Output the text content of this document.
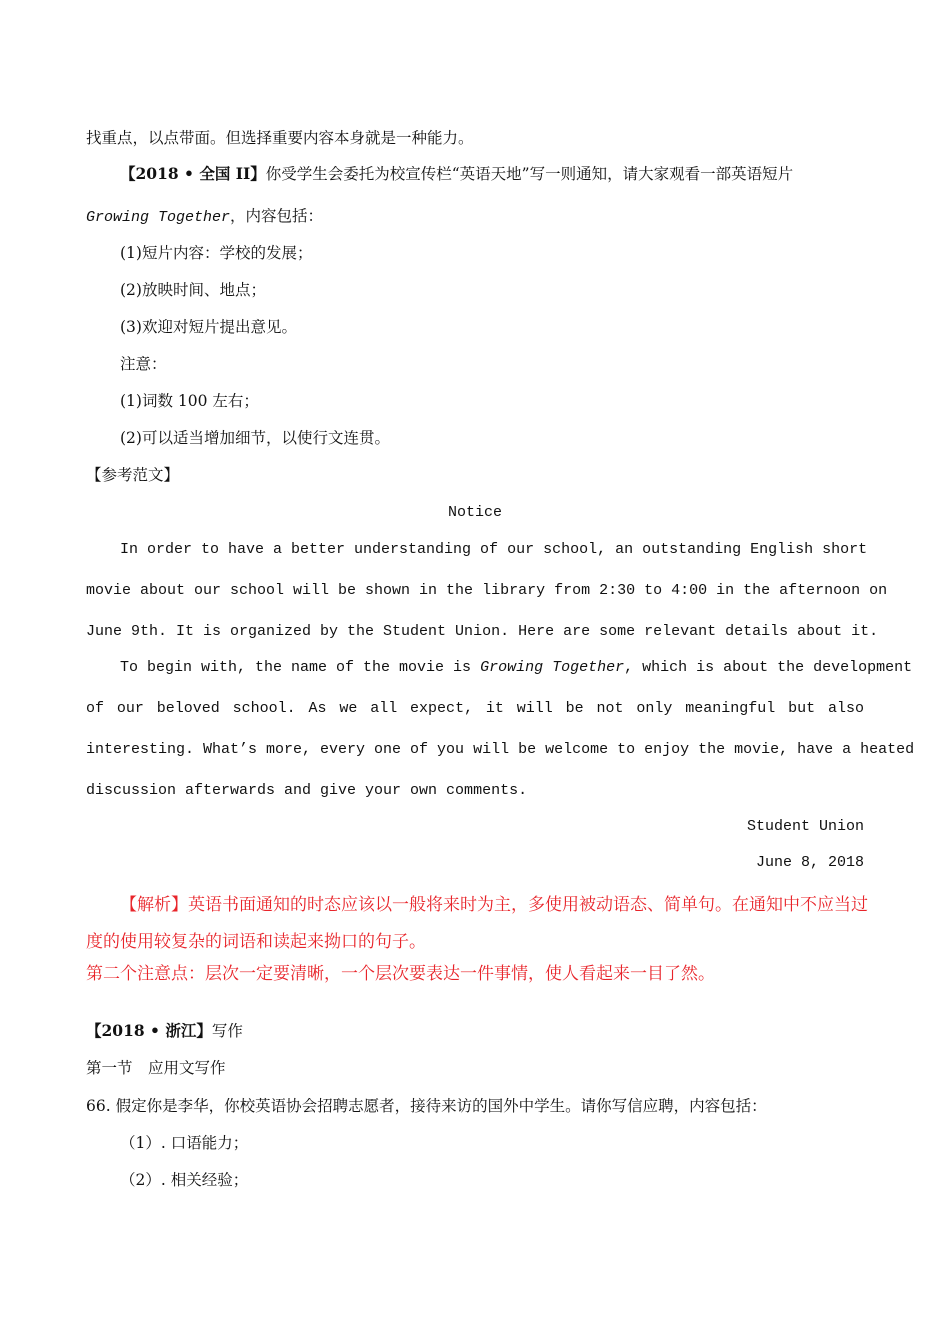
找重点，以点带面。但选择重要内容本身就是一种能力。
【2018 • 全国 II】你受学生会委托为校宣传栏“英语天地”写一则通知，请大家观看一部英语短片
Growing Together，内容包括：
(1)短片内容：学校的发展；
(2)放映时间、地点；
(3)欢迎对短片提出意见。
注意：
(1)词数 100 左右；
(2)可以适当增加细节，以使行文连贯。
【参考范文】
Notice
In order to have a better understanding of our school, an outstanding English short
movie about our school will be shown in the library from 2:30 to 4:00 in the afternoon on
June 9th. It is organized by the Student Union. Here are some relevant details about it.
To begin with, the name of the movie is Growing Together, which is about the development
of our beloved school. As we all expect, it will be not only meaningful but also
interesting. What’s more, every one of you will be welcome to enjoy the movie, have a heated
discussion afterwards and give your own comments.
Student Union
June 8, 2018
【解析】英语书面通知的时态应该以一般将来时为主，多使用被动语态、简单句。在通知中不应当过
度的使用较复杂的词语和读起来拗口的句子。
第二个注意点：层次一定要清晰，一个层次要表达一件事情，使人看起来一目了然。
【2018 • 浙江】写作
第一节　应用文写作
66. 假定你是李华，你校英语协会招聘志愿者，接待来访的国外中学生。请你写信应聘，内容包括：
（1）. 口语能力；
（2）. 相关经验；
